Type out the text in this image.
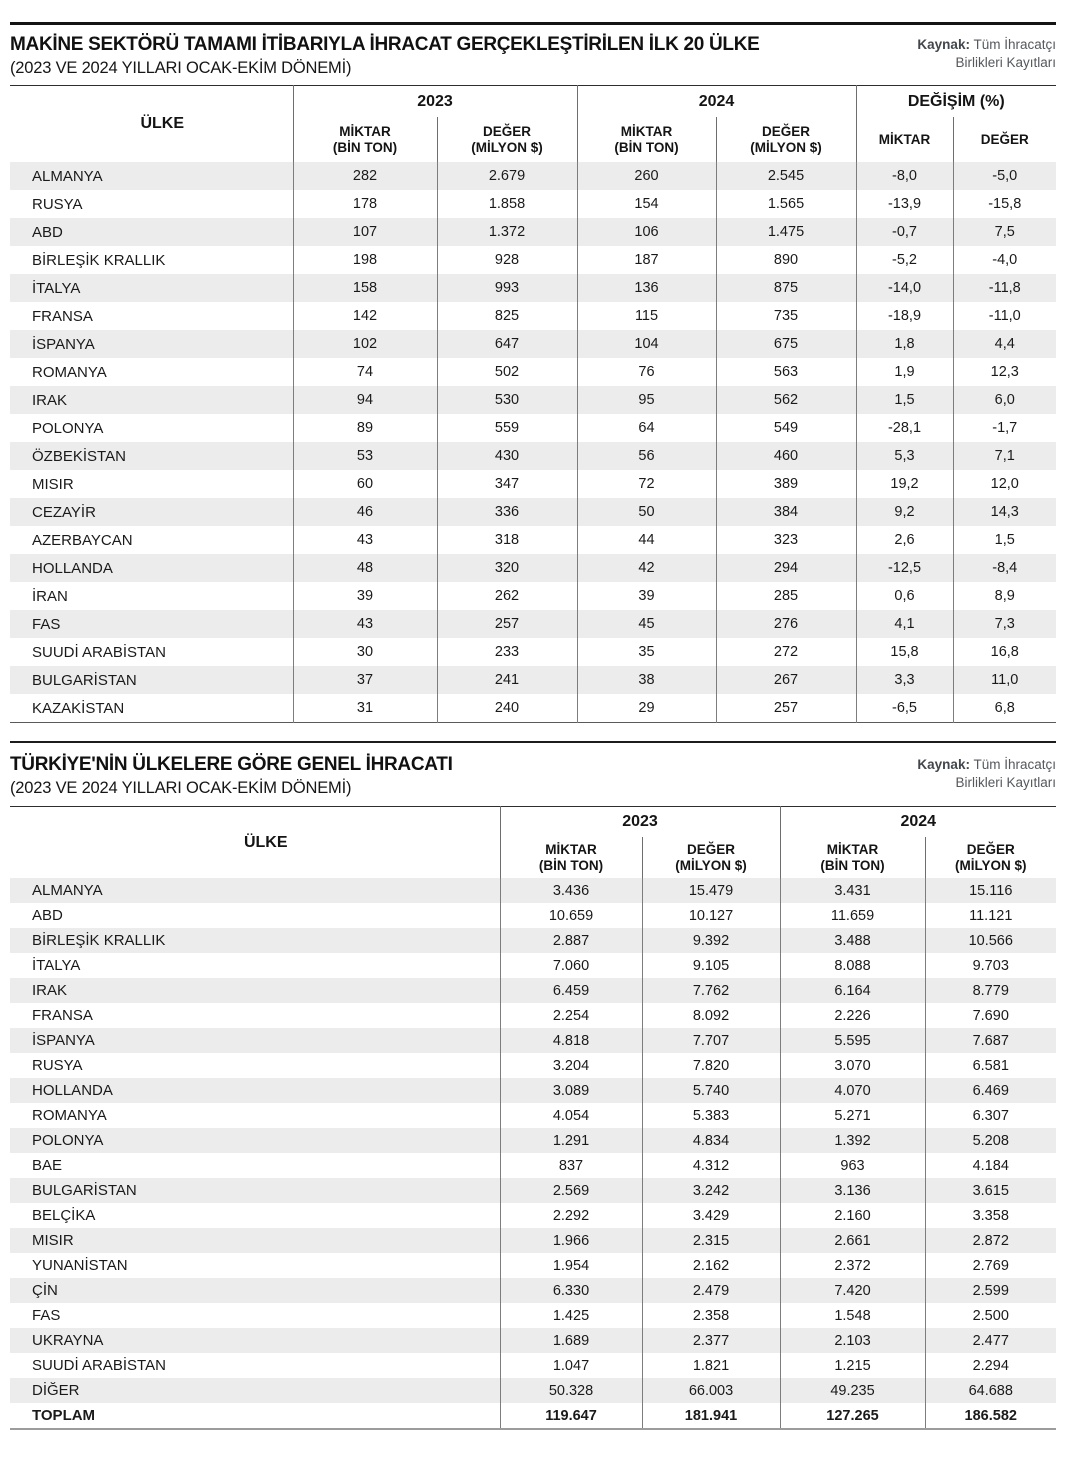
MAKİNE SEKTÖRÜ TAMAMI İTİBARIYLA İHRACAT GERÇEKLEŞTİRİLEN İLK 20 ÜLKE
(2023 VE 2024 YILLARI OCAK-EKİM DÖNEMİ)
Kaynak: Tüm İhracatçı
Birlikleri Kayıtları
ÜLKE	2023		2024		DEĞİŞİM (%)	

	MİKTAR
(BİN TON)	DEĞER
(MİLYON $)	MİKTAR
(BİN TON)	DEĞER
(MİLYON $)	MİKTAR	DEĞER
ALMANYA	282	2.679	260	2.545	-8,0	-5,0
RUSYA	178	1.858	154	1.565	-13,9	-15,8
ABD	107	1.372	106	1.475	-0,7	7,5
BİRLEŞİK KRALLIK	198	928	187	890	-5,2	-4,0
İTALYA	158	993	136	875	-14,0	-11,8
FRANSA	142	825	115	735	-18,9	-11,0
İSPANYA	102	647	104	675	1,8	4,4
ROMANYA	74	502	76	563	1,9	12,3
IRAK	94	530	95	562	1,5	6,0
POLONYA	89	559	64	549	-28,1	-1,7
ÖZBEKİSTAN	53	430	56	460	5,3	7,1
MISIR	60	347	72	389	19,2	12,0
CEZAYİR	46	336	50	384	9,2	14,3
AZERBAYCAN	43	318	44	323	2,6	1,5
HOLLANDA	48	320	42	294	-12,5	-8,4
İRAN	39	262	39	285	0,6	8,9
FAS	43	257	45	276	4,1	7,3
SUUDİ ARABİSTAN	30	233	35	272	15,8	16,8
BULGARİSTAN	37	241	38	267	3,3	11,0
KAZAKİSTAN	31	240	29	257	-6,5	6,8
TÜRKİYE'NİN ÜLKELERE GÖRE GENEL İHRACATI
(2023 VE 2024 YILLARI OCAK-EKİM DÖNEMİ)
Kaynak: Tüm İhracatçı
Birlikleri Kayıtları
ÜLKE	2023		2024	

	MİKTAR
(BİN TON)	DEĞER
(MİLYON $)	MİKTAR
(BİN TON)	DEĞER
(MİLYON $)

ALMANYA	3.436	15.479	3.431	15.116
ABD	10.659	10.127	11.659	11.121
BİRLEŞİK KRALLIK	2.887	9.392	3.488	10.566
İTALYA	7.060	9.105	8.088	9.703
IRAK	6.459	7.762	6.164	8.779
FRANSA	2.254	8.092	2.226	7.690
İSPANYA	4.818	7.707	5.595	7.687
RUSYA	3.204	7.820	3.070	6.581
HOLLANDA	3.089	5.740	4.070	6.469
ROMANYA	4.054	5.383	5.271	6.307
POLONYA	1.291	4.834	1.392	5.208
BAE	837	4.312	963	4.184
BULGARİSTAN	2.569	3.242	3.136	3.615
BELÇİKA	2.292	3.429	2.160	3.358
MISIR	1.966	2.315	2.661	2.872
YUNANİSTAN	1.954	2.162	2.372	2.769
ÇİN	6.330	2.479	7.420	2.599
FAS	1.425	2.358	1.548	2.500
UKRAYNA	1.689	2.377	2.103	2.477
SUUDİ ARABİSTAN	1.047	1.821	1.215	2.294
DİĞER	50.328	66.003	49.235	64.688
TOPLAM	119.647	181.941	127.265	186.582
